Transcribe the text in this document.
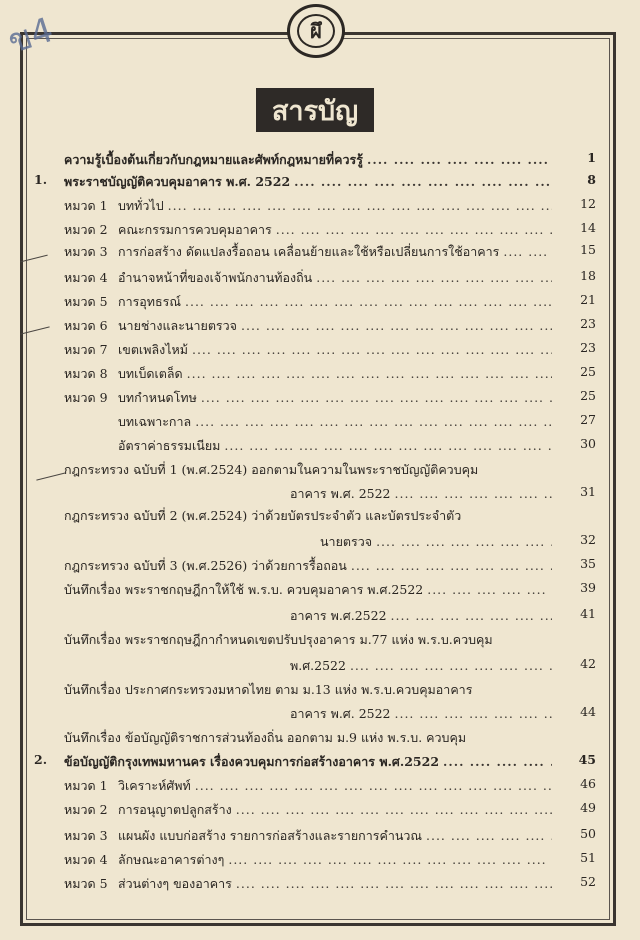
ข4	ผึ
สารบัญ
ความรู้เบื้องต้นเกี่ยวกับกฎหมายและศัพท์กฎหมายที่ควรรู้ ....	1
1. พระราชบัญญัติควบคุมอาคาร พ.ศ. 2522 ....	8
หมวด 1 บททั่วไป ....	12
หมวด 2 คณะกรรมการควบคุมอาคาร ....	14
หมวด 3 การก่อสร้าง ดัดแปลงรื้อถอน เคลื่อนย้ายและใช้หรือเปลี่ยนการใช้อาคาร ....	15
หมวด 4 อำนาจหน้าที่ของเจ้าพนักงานท้องถิ่น ....	18
หมวด 5 การอุทธรณ์ ....	21
หมวด 6 นายช่างและนายตรวจ ....	23
หมวด 7 เขตเพลิงไหม้ ....	23
หมวด 8 บทเบ็ดเตล็ด ....	25
หมวด 9 บทกำหนดโทษ ....	25
บทเฉพาะกาล ....	27
อัตราค่าธรรมเนียม ....	30
กฎกระทรวง ฉบับที่ 1 (พ.ศ.2524) ออกตามในความในพระราชบัญญัติควบคุม
อาคาร พ.ศ. 2522 ....	31
กฎกระทรวง ฉบับที่ 2 (พ.ศ.2524) ว่าด้วยบัตรประจำตัว และบัตรประจำตัว
นายตรวจ ....	32
กฎกระทรวง ฉบับที่ 3 (พ.ศ.2526) ว่าด้วยการรื้อถอน ....	35
บันทึกเรื่อง พระราชกฤษฎีกาให้ใช้ พ.ร.บ. ควบคุมอาคาร พ.ศ.2522 ....	39
บันทึกเรื่อง พระราชกฤษฎีกากำหนดเขตปรับปรุงอาคาร ม.77 แห่ง พ.ร.บ.ควบคุม
อาคาร พ.ศ.2522 ....	41
บันทึกเรื่อง ประกาศกระทรวงมหาดไทย ตาม ม.13 แห่ง พ.ร.บ.ควบคุมอาคาร
พ.ศ.2522 ....	42
บันทึกเรื่อง ข้อบัญญัติราชการส่วนท้องถิ่น ออกตาม ม.9 แห่ง พ.ร.บ. ควบคุม
อาคาร พ.ศ. 2522 ....	44
2. ข้อบัญญัติกรุงเทพมหานคร เรื่องควบคุมการก่อสร้างอาคาร พ.ศ.2522 ....	45
หมวด 1 วิเคราะห์ศัพท์ ....	46
หมวด 2 การอนุญาตปลูกสร้าง ....	49
หมวด 3 แผนผัง แบบก่อสร้าง รายการก่อสร้างและรายการคำนวณ ....	50
หมวด 4 ลักษณะอาคารต่างๆ ....	51
หมวด 5 ส่วนต่างๆ ของอาคาร ....	52
